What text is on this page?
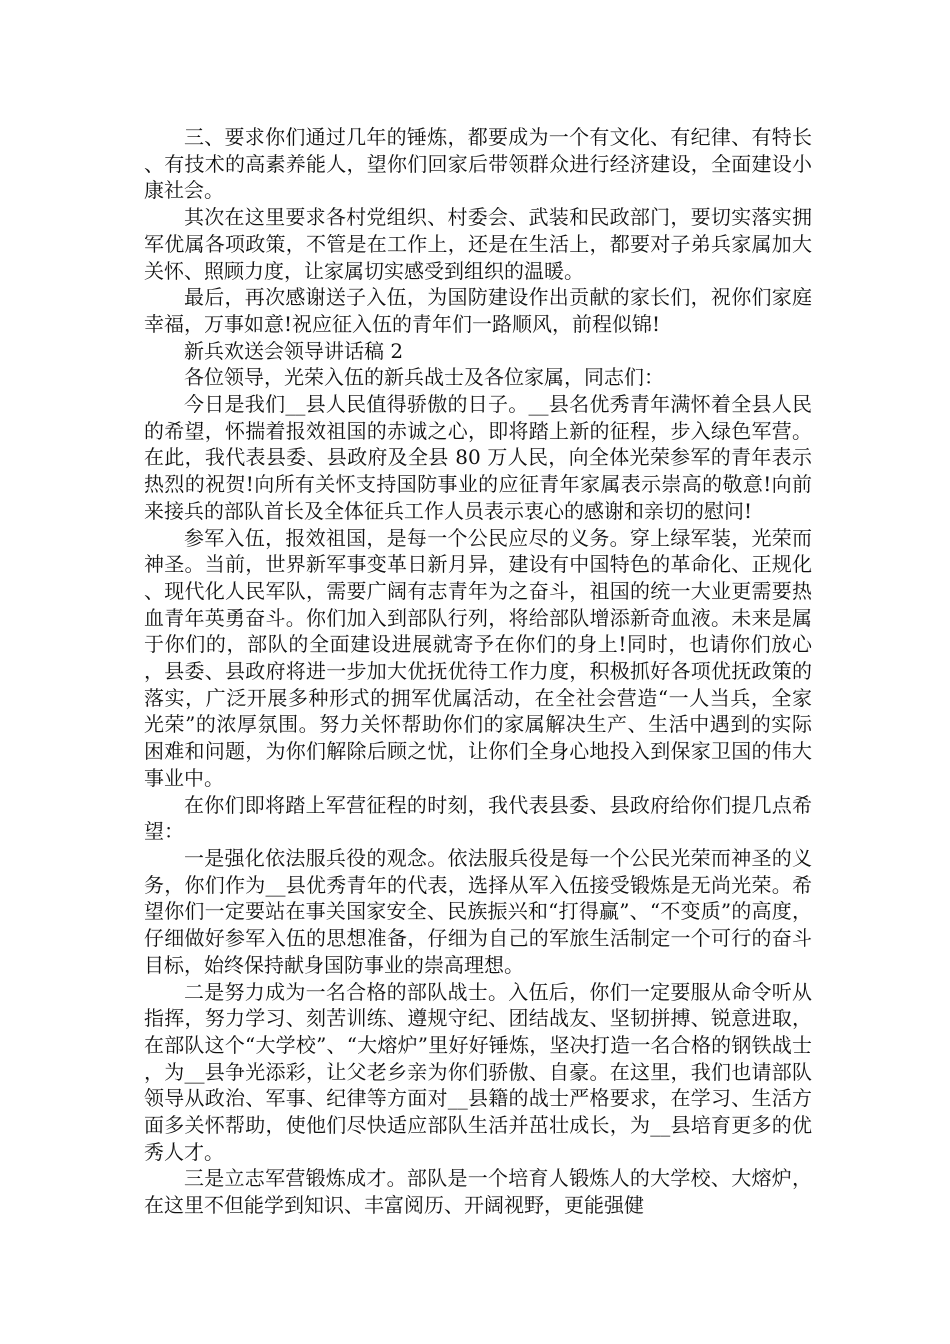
三、要求你们通过几年的锤炼，都要成为一个有文化、有纪律、有特长、有技术的高素养能人，望你们回家后带领群众进行经济建设，全面建设小康社会。

其次在这里要求各村党组织、村委会、武装和民政部门，要切实落实拥军优属各项政策，不管是在工作上，还是在生活上，都要对子弟兵家属加大关怀、照顾力度，让家属切实感受到组织的温暖。

最后，再次感谢送子入伍，为国防建设作出贡献的家长们，祝你们家庭幸福，万事如意!祝应征入伍的青年们一路顺风，前程似锦!

新兵欢送会领导讲话稿 2

各位领导，光荣入伍的新兵战士及各位家属，同志们：

今日是我们__县人民值得骄傲的日子。__县名优秀青年满怀着全县人民的希望，怀揣着报效祖国的赤诚之心，即将踏上新的征程，步入绿色军营。在此，我代表县委、县政府及全县 80 万人民，向全体光荣参军的青年表示热烈的祝贺!向所有关怀支持国防事业的应征青年家属表示崇高的敬意!向前来接兵的部队首长及全体征兵工作人员表示衷心的感谢和亲切的慰问!

参军入伍，报效祖国，是每一个公民应尽的义务。穿上绿军装，光荣而神圣。当前，世界新军事变革日新月异，建设有中国特色的革命化、正规化、现代化人民军队，需要广阔有志青年为之奋斗，祖国的统一大业更需要热血青年英勇奋斗。你们加入到部队行列，将给部队增添新奇血液。未来是属于你们的，部队的全面建设进展就寄予在你们的身上!同时，也请你们放心，县委、县政府将进一步加大优抚优待工作力度，积极抓好各项优抚政策的落实，广泛开展多种形式的拥军优属活动，在全社会营造“一人当兵，全家光荣”的浓厚氛围。努力关怀帮助你们的家属解决生产、生活中遇到的实际困难和问题，为你们解除后顾之忧，让你们全身心地投入到保家卫国的伟大事业中。

在你们即将踏上军营征程的时刻，我代表县委、县政府给你们提几点希望：

一是强化依法服兵役的观念。依法服兵役是每一个公民光荣而神圣的义务，你们作为__县优秀青年的代表，选择从军入伍接受锻炼是无尚光荣。希望你们一定要站在事关国家安全、民族振兴和“打得赢”、“不变质”的高度，仔细做好参军入伍的思想准备，仔细为自己的军旅生活制定一个可行的奋斗目标，始终保持献身国防事业的崇高理想。

二是努力成为一名合格的部队战士。入伍后，你们一定要服从命令听从指挥，努力学习、刻苦训练、遵规守纪、团结战友、坚韧拼搏、锐意进取，在部队这个“大学校”、“大熔炉”里好好锤炼，坚决打造一名合格的钢铁战士，为__县争光添彩，让父老乡亲为你们骄傲、自豪。在这里，我们也请部队领导从政治、军事、纪律等方面对__县籍的战士严格要求，在学习、生活方面多关怀帮助，使他们尽快适应部队生活并茁壮成长，为__县培育更多的优秀人才。

三是立志军营锻炼成才。部队是一个培育人锻炼人的大学校、大熔炉，在这里不但能学到知识、丰富阅历、开阔视野，更能强健
